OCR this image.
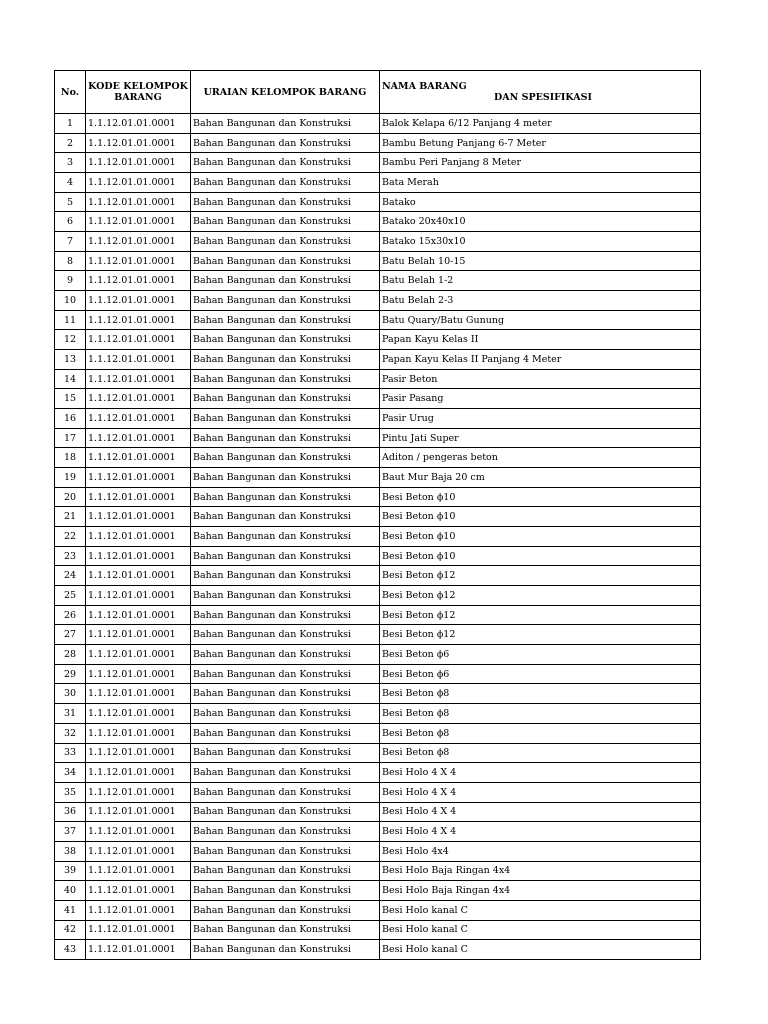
No.	KODE KELOMPOK BARANG	URAIAN KELOMPOK BARANG	NAMA BARANG
DAN SPESIFIKASI

1	1.1.12.01.01.0001	Bahan Bangunan dan Konstruksi	Balok Kelapa 6/12 Panjang 4 meter
2	1.1.12.01.01.0001	Bahan Bangunan dan Konstruksi	Bambu Betung Panjang 6-7 Meter
3	1.1.12.01.01.0001	Bahan Bangunan dan Konstruksi	Bambu Peri Panjang 8 Meter
4	1.1.12.01.01.0001	Bahan Bangunan dan Konstruksi	Bata Merah
5	1.1.12.01.01.0001	Bahan Bangunan dan Konstruksi	Batako
6	1.1.12.01.01.0001	Bahan Bangunan dan Konstruksi	Batako 20x40x10
7	1.1.12.01.01.0001	Bahan Bangunan dan Konstruksi	Batako 15x30x10
8	1.1.12.01.01.0001	Bahan Bangunan dan Konstruksi	Batu Belah 10-15
9	1.1.12.01.01.0001	Bahan Bangunan dan Konstruksi	Batu Belah 1-2
10	1.1.12.01.01.0001	Bahan Bangunan dan Konstruksi	Batu Belah 2-3
11	1.1.12.01.01.0001	Bahan Bangunan dan Konstruksi	Batu Quary/Batu Gunung
12	1.1.12.01.01.0001	Bahan Bangunan dan Konstruksi	Papan Kayu Kelas II
13	1.1.12.01.01.0001	Bahan Bangunan dan Konstruksi	Papan Kayu Kelas II Panjang 4 Meter
14	1.1.12.01.01.0001	Bahan Bangunan dan Konstruksi	Pasir Beton
15	1.1.12.01.01.0001	Bahan Bangunan dan Konstruksi	Pasir Pasang
16	1.1.12.01.01.0001	Bahan Bangunan dan Konstruksi	Pasir Urug
17	1.1.12.01.01.0001	Bahan Bangunan dan Konstruksi	Pintu Jati Super
18	1.1.12.01.01.0001	Bahan Bangunan dan Konstruksi	Aditon / pengeras beton
19	1.1.12.01.01.0001	Bahan Bangunan dan Konstruksi	Baut Mur Baja 20 cm
20	1.1.12.01.01.0001	Bahan Bangunan dan Konstruksi	Besi Beton ϕ10
21	1.1.12.01.01.0001	Bahan Bangunan dan Konstruksi	Besi Beton ϕ10
22	1.1.12.01.01.0001	Bahan Bangunan dan Konstruksi	Besi Beton ϕ10
23	1.1.12.01.01.0001	Bahan Bangunan dan Konstruksi	Besi Beton ϕ10
24	1.1.12.01.01.0001	Bahan Bangunan dan Konstruksi	Besi Beton ϕ12
25	1.1.12.01.01.0001	Bahan Bangunan dan Konstruksi	Besi Beton ϕ12
26	1.1.12.01.01.0001	Bahan Bangunan dan Konstruksi	Besi Beton ϕ12
27	1.1.12.01.01.0001	Bahan Bangunan dan Konstruksi	Besi Beton ϕ12
28	1.1.12.01.01.0001	Bahan Bangunan dan Konstruksi	Besi Beton ϕ6
29	1.1.12.01.01.0001	Bahan Bangunan dan Konstruksi	Besi Beton ϕ6
30	1.1.12.01.01.0001	Bahan Bangunan dan Konstruksi	Besi Beton ϕ8
31	1.1.12.01.01.0001	Bahan Bangunan dan Konstruksi	Besi Beton ϕ8
32	1.1.12.01.01.0001	Bahan Bangunan dan Konstruksi	Besi Beton ϕ8
33	1.1.12.01.01.0001	Bahan Bangunan dan Konstruksi	Besi Beton ϕ8
34	1.1.12.01.01.0001	Bahan Bangunan dan Konstruksi	Besi Holo 4 X 4
35	1.1.12.01.01.0001	Bahan Bangunan dan Konstruksi	Besi Holo 4 X 4
36	1.1.12.01.01.0001	Bahan Bangunan dan Konstruksi	Besi Holo 4 X 4
37	1.1.12.01.01.0001	Bahan Bangunan dan Konstruksi	Besi Holo 4 X 4
38	1.1.12.01.01.0001	Bahan Bangunan dan Konstruksi	Besi Holo 4x4
39	1.1.12.01.01.0001	Bahan Bangunan dan Konstruksi	Besi Holo Baja Ringan 4x4
40	1.1.12.01.01.0001	Bahan Bangunan dan Konstruksi	Besi Holo Baja Ringan 4x4
41	1.1.12.01.01.0001	Bahan Bangunan dan Konstruksi	Besi Holo kanal C
42	1.1.12.01.01.0001	Bahan Bangunan dan Konstruksi	Besi Holo kanal C
43	1.1.12.01.01.0001	Bahan Bangunan dan Konstruksi	Besi Holo kanal C
